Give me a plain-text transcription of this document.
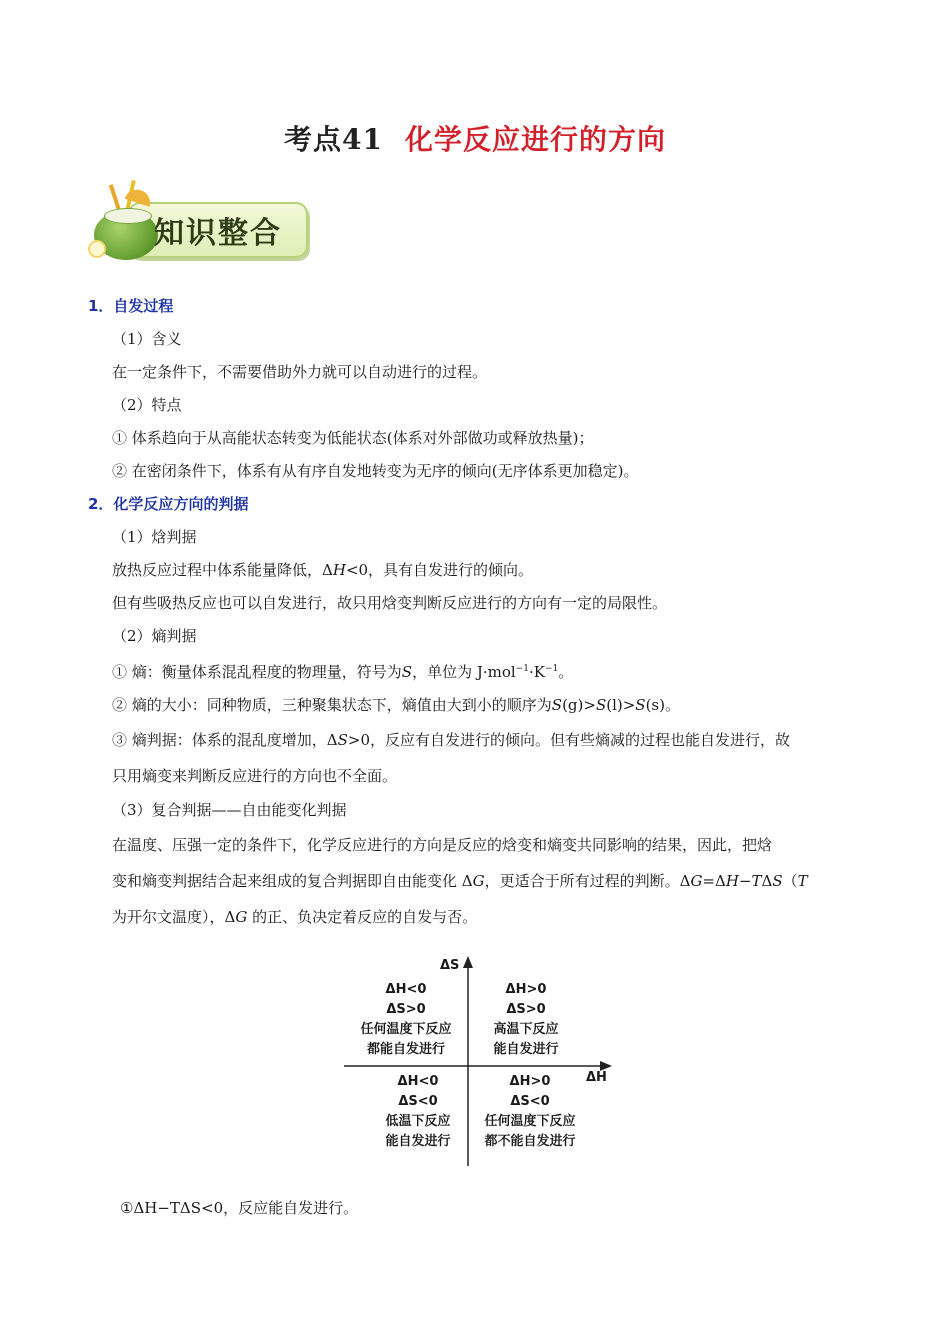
考点41 化学反应进行的方向
知识整合

1．自发过程

（1）含义

在一定条件下，不需要借助外力就可以自动进行的过程。

（2）特点

① 体系趋向于从高能状态转变为低能状态(体系对外部做功或释放热量)；

② 在密闭条件下，体系有从有序自发地转变为无序的倾向(无序体系更加稳定)。

2．化学反应方向的判据

（1）焓判据

放热反应过程中体系能量降低，ΔH<0，具有自发进行的倾向。

但有些吸热反应也可以自发进行，故只用焓变判断反应进行的方向有一定的局限性。

（2）熵判据

① 熵：衡量体系混乱程度的物理量，符号为S，单位为 $J\cdot mol^{-1}\cdot K^{-1}$。

② 熵的大小：同种物质，三种聚集状态下，熵值由大到小的顺序为S(g)>S(l)>S(s)。

③ 熵判据：体系的混乱度增加，ΔS>0，反应有自发进行的倾向。但有些熵减的过程也能自发进行，故

只用熵变来判断反应进行的方向也不全面。

（3）复合判据——自由能变化判据

在温度、压强一定的条件下，化学反应进行的方向是反应的焓变和熵变共同影响的结果，因此，把焓

变和熵变判据结合起来组成的复合判据即自由能变化 ΔG，更适合于所有过程的判断。ΔG=ΔH−TΔS（T

为开尔文温度），ΔG 的正、负决定着反应的自发与否。

ΔS
ΔH
ΔH<0
ΔS>0
任何温度下反应
都能自发进行
ΔH>0
ΔS>0
高温下反应
能自发进行
ΔH<0
ΔS<0
低温下反应
能自发进行
ΔH>0
ΔS<0
任何温度下反应
都不能自发进行
①ΔH−TΔS<0，反应能自发进行。
